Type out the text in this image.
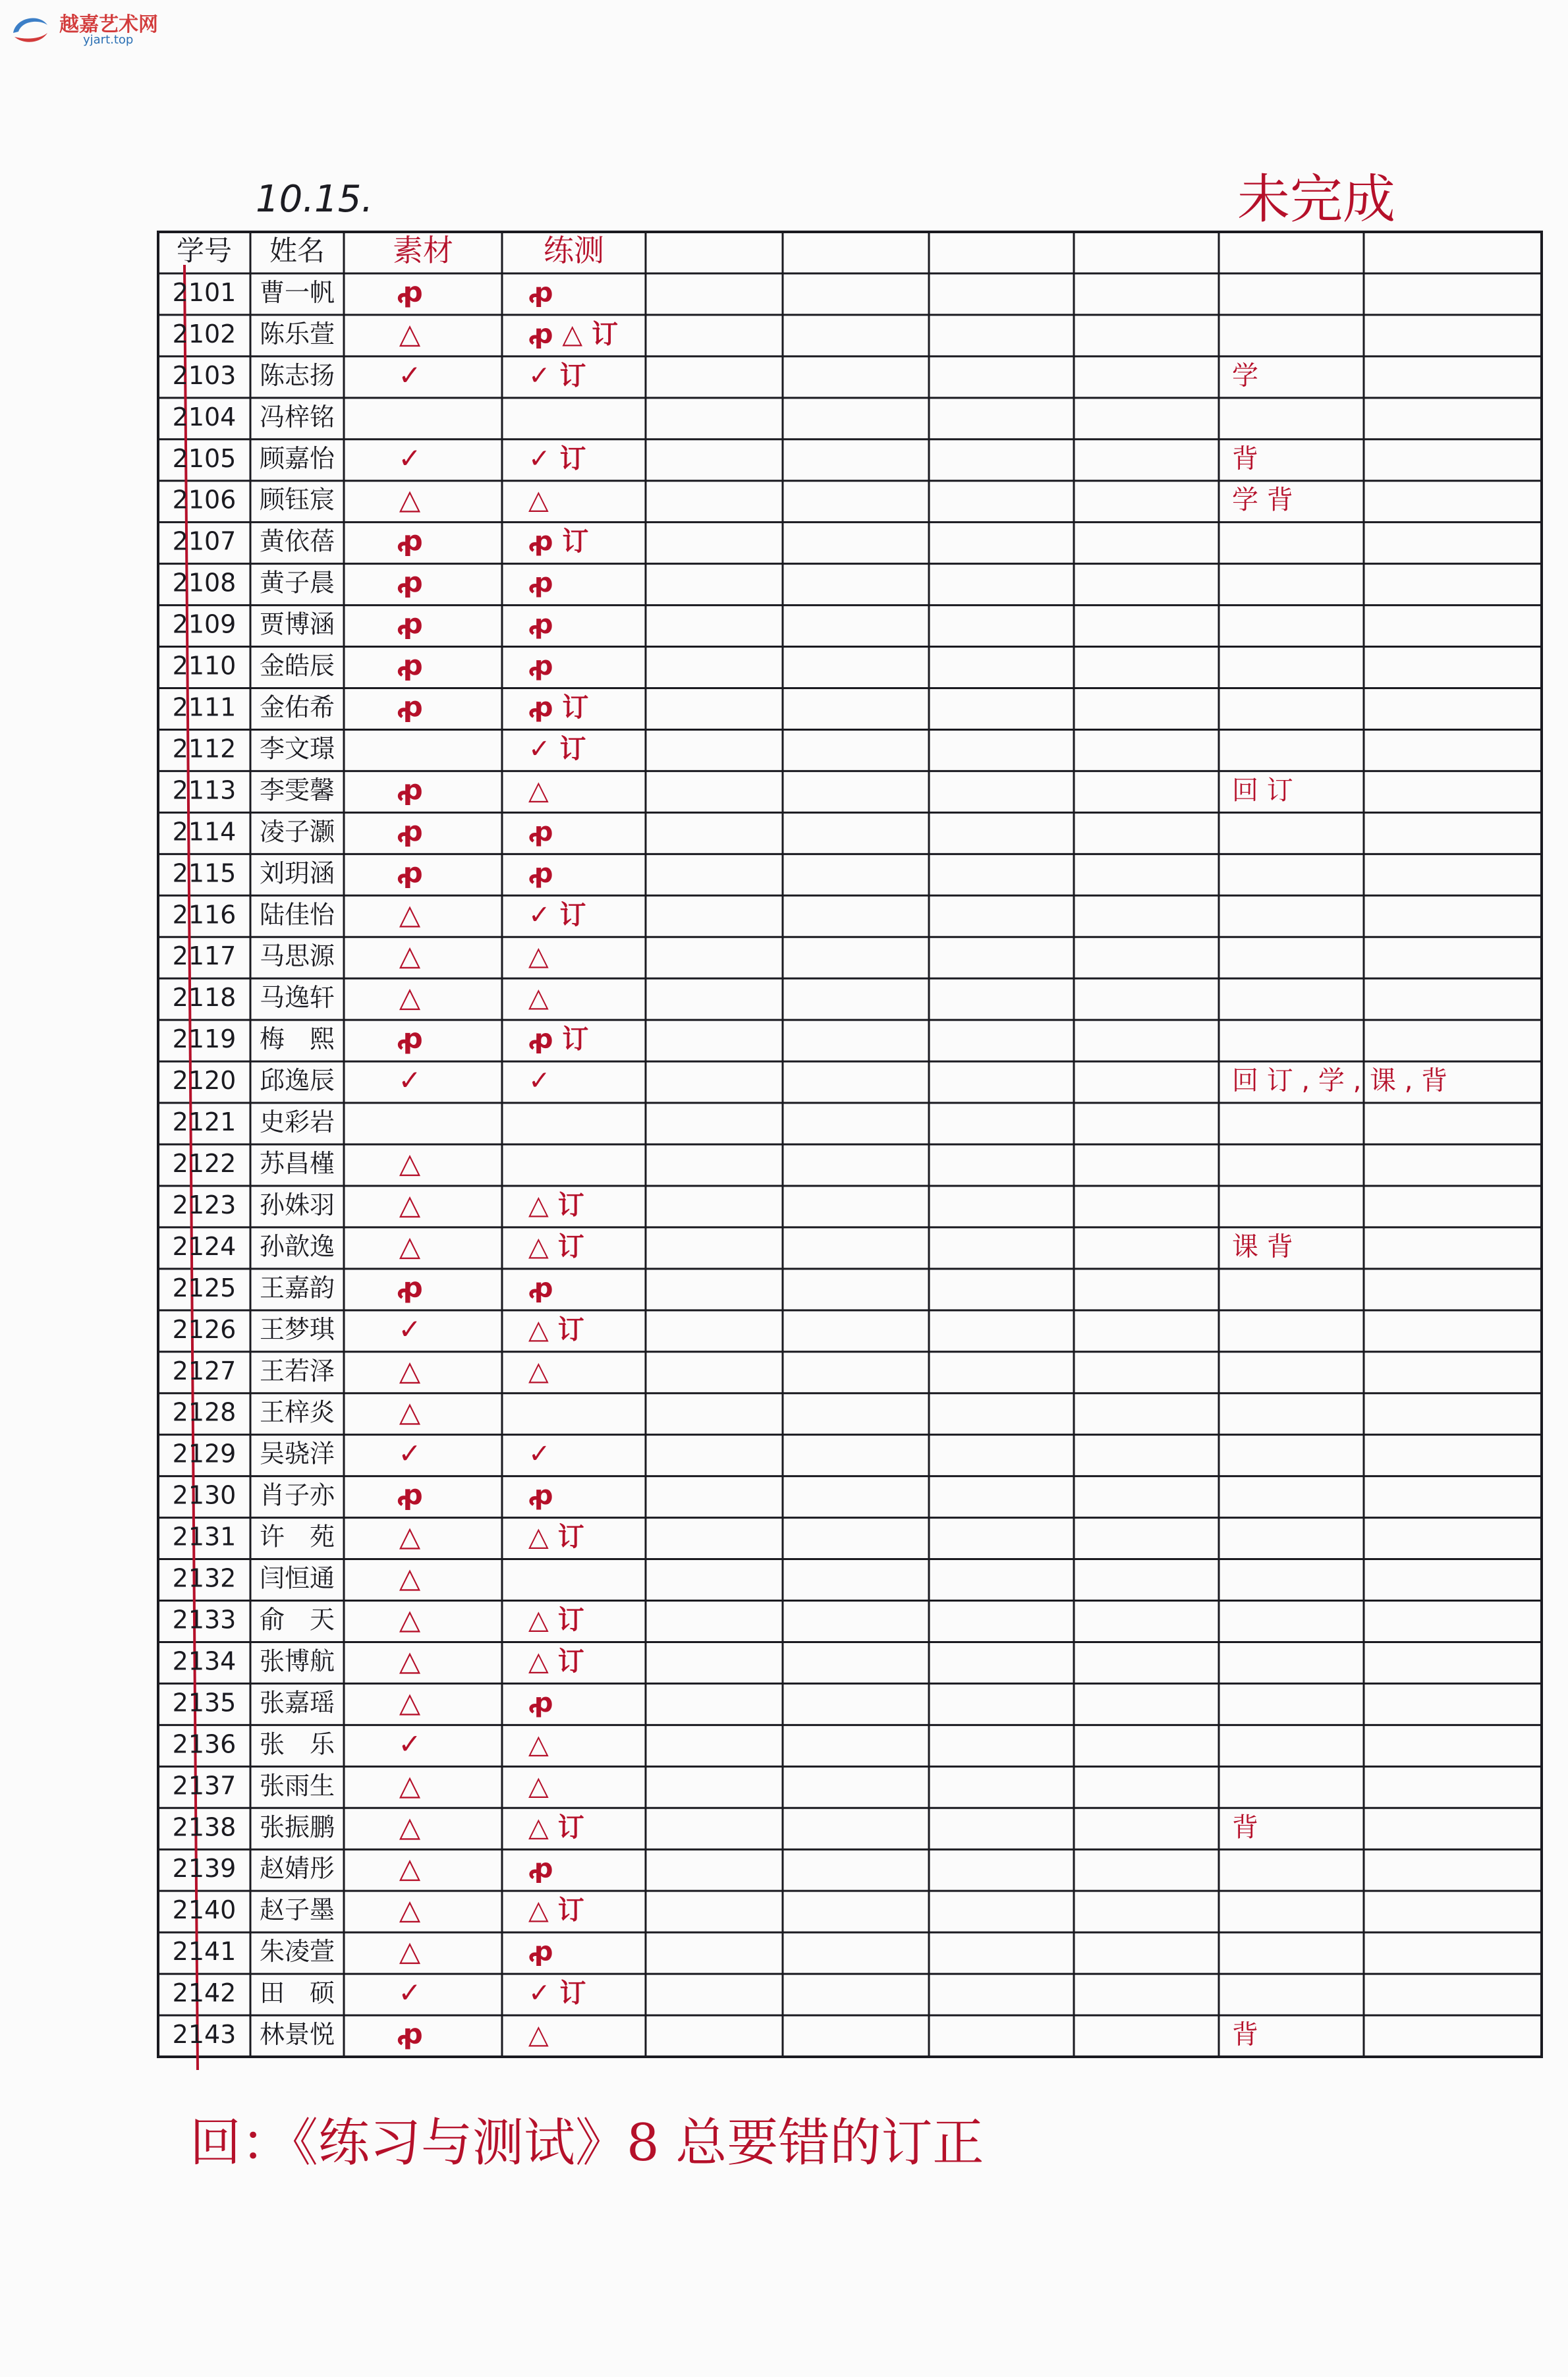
越嘉艺术网
yjart.top
10.15.	未完成
学号 姓名 素材	练测
2101 曹一帆 ꝓ	ꝓ
2102 陈乐萱 △	ꝓ △ 订
2103 陈志扬 ✓	✓ 订	学
2104 冯梓铭
2105 顾嘉怡 ✓	✓ 订	背
2106 顾钰宸 △	△	学 背
2107 黄依蓓 ꝓ	ꝓ 订
2108 黄子晨 ꝓ	ꝓ
2109 贾博涵 ꝓ	ꝓ
2110 金皓辰 ꝓ	ꝓ
2111 金佑希 ꝓ	ꝓ 订
2112 李文璟	✓ 订
2113 李雯馨 ꝓ	△	回 订
2114 凌子灏 ꝓ	ꝓ
2115 刘玥涵 ꝓ	ꝓ
2116 陆佳怡 △	✓ 订
2117 马思源 △	△
2118 马逸轩 △	△
2119 梅　熙 ꝓ	ꝓ 订
2120 邱逸辰 ✓	✓	回 订 , 学 , 课 , 背
2121 史彩岩
2122 苏昌槿 △
2123 孙姝羽 △	△ 订
2124 孙歆逸 △	△ 订	课 背
2125 王嘉韵 ꝓ	ꝓ
2126 王梦琪 ✓	△ 订
2127 王若泽 △	△
2128 王梓炎 △
2129 吴骁洋 ✓	✓
2130 肖子亦 ꝓ	ꝓ
2131 许　苑 △	△ 订
2132 闫恒通 △
2133 俞　天 △	△ 订
2134 张博航 △	△ 订
2135 张嘉瑶 △	ꝓ
2136 张　乐 ✓	△
2137 张雨生 △	△
2138 张振鹏 △	△ 订	背
2139 赵婧彤 △	ꝓ
2140 赵子墨 △	△ 订
2141 朱凌萱 △	ꝓ
2142 田　硕 ✓	✓ 订
2143 林景悦 ꝓ	△	背
回：《练习与测试》8 总要错的订正
